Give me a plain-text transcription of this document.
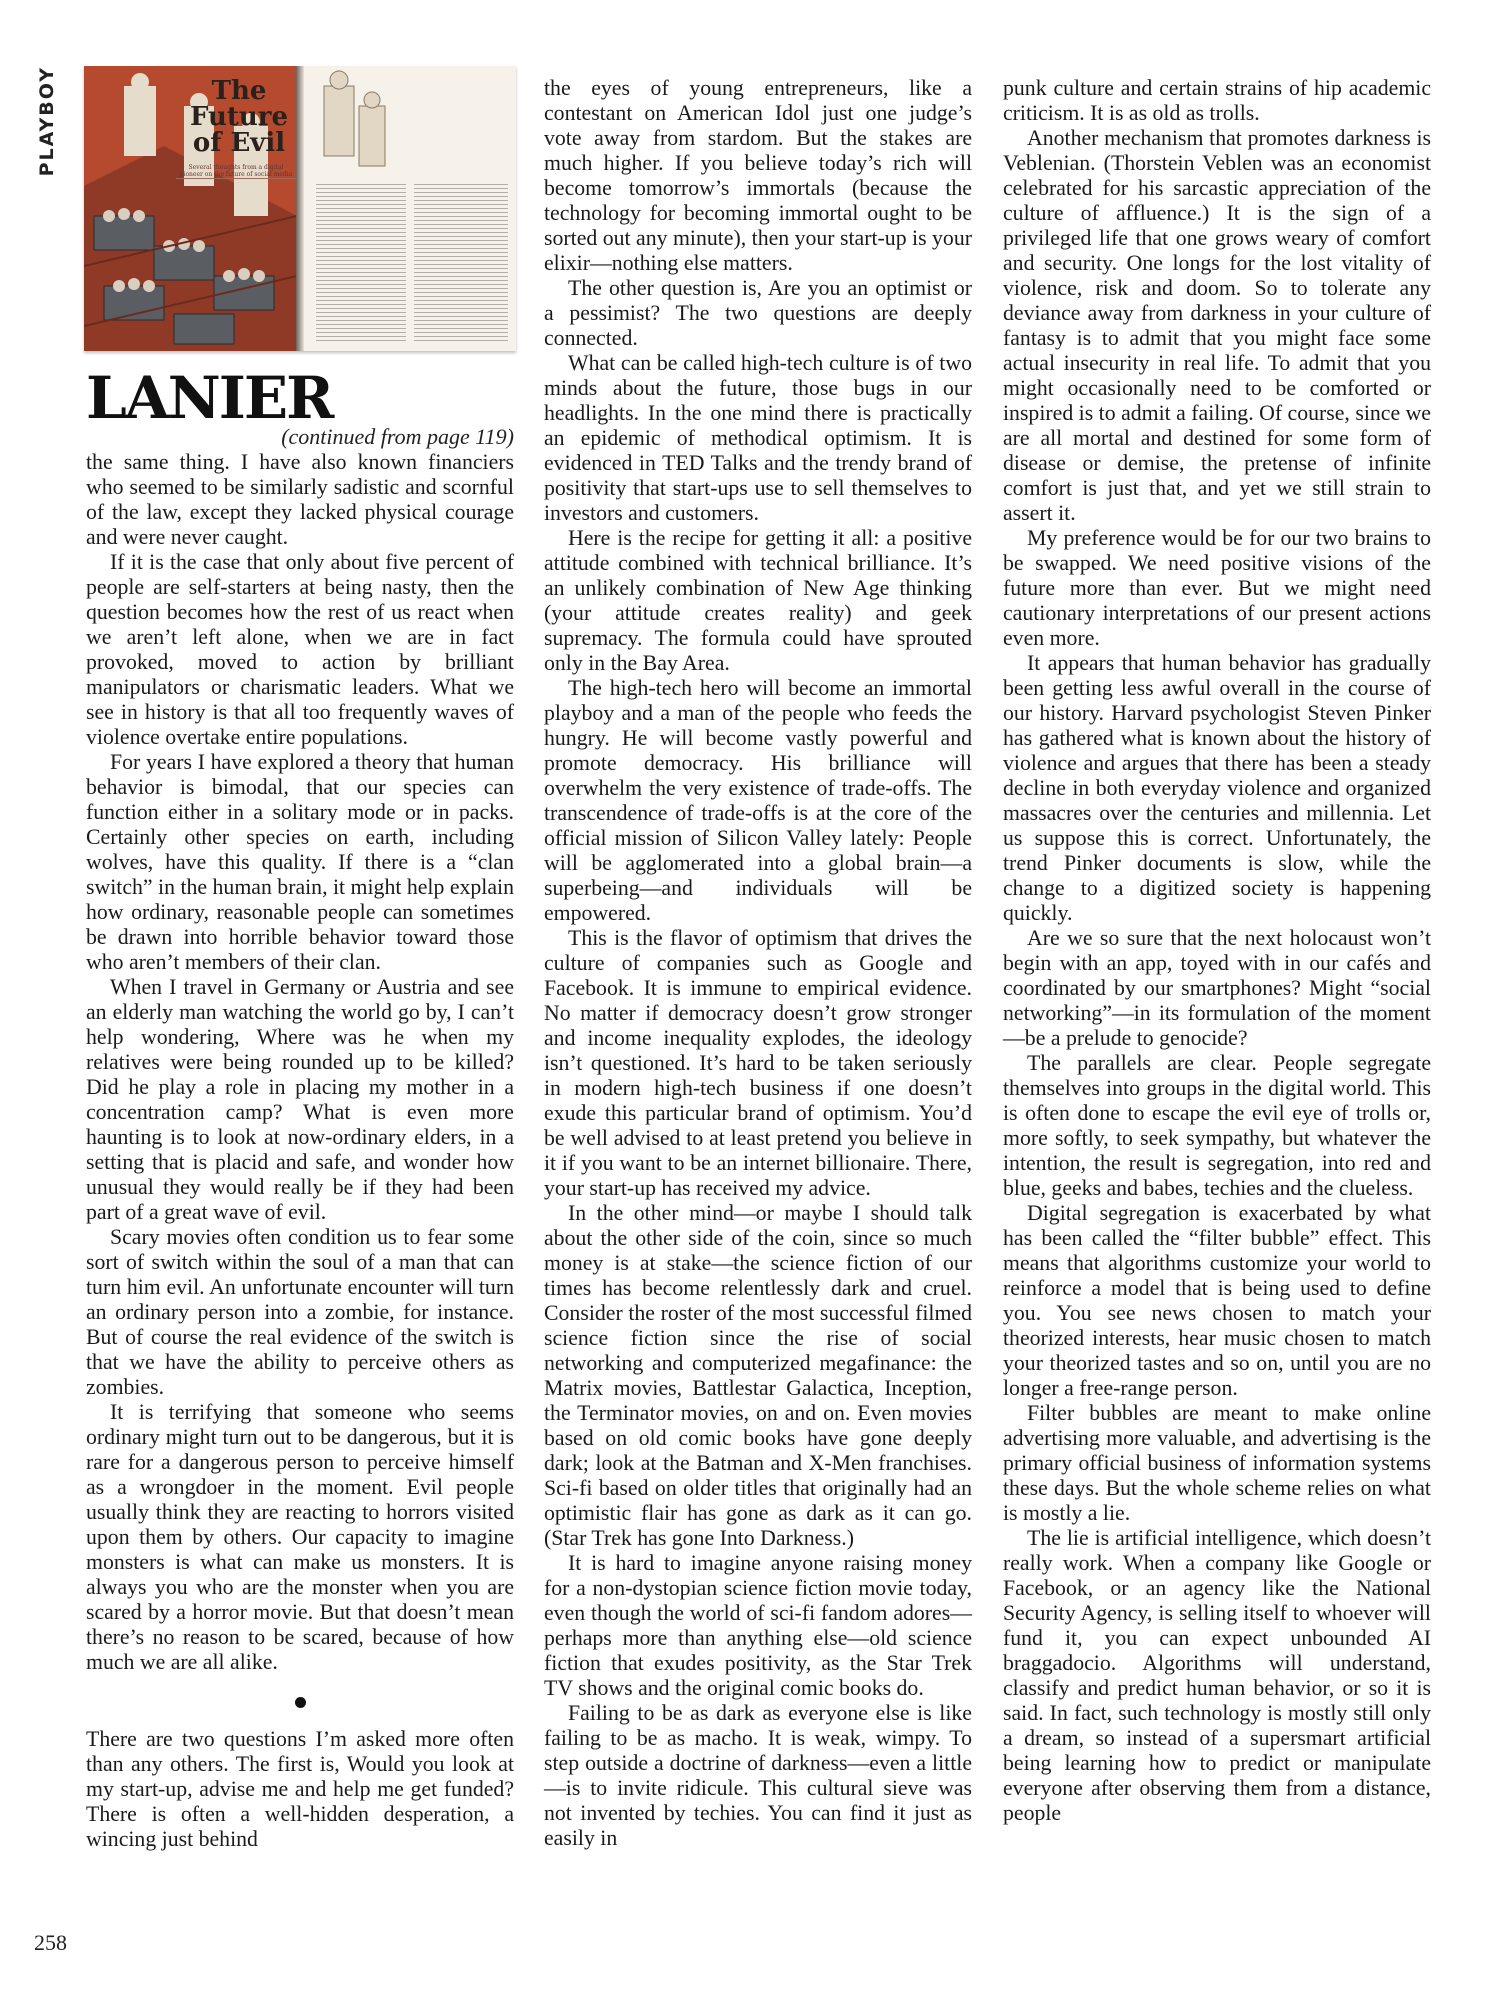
PLAYBOY	The Future of Evil
Several thoughts from a digital pioneer on the future of social media
LANIER
(continued from page 119)

the same thing. I have also known financiers who seemed to be similarly sadistic and scornful of the law, except they lacked physical courage and were never caught.

If it is the case that only about five percent of people are self-starters at being nasty, then the question becomes how the rest of us react when we aren’t left alone, when we are in fact provoked, moved to action by brilliant manipulators or charismatic leaders. What we see in history is that all too frequently waves of violence overtake entire populations.

For years I have explored a theory that human behavior is bimodal, that our species can function either in a solitary mode or in packs. Certainly other species on earth, including wolves, have this quality. If there is a “clan switch” in the human brain, it might help explain how ordinary, reasonable people can sometimes be drawn into horrible behavior toward those who aren’t members of their clan.

When I travel in Germany or Austria and see an elderly man watching the world go by, I can’t help wondering, Where was he when my relatives were being rounded up to be killed? Did he play a role in placing my mother in a concentration camp? What is even more haunting is to look at now-ordinary elders, in a setting that is placid and safe, and wonder how unusual they would really be if they had been part of a great wave of evil.

Scary movies often condition us to fear some sort of switch within the soul of a man that can turn him evil. An unfortunate encounter will turn an ordinary person into a zombie, for instance. But of course the real evidence of the switch is that we have the ability to perceive others as zombies.

It is terrifying that someone who seems ordinary might turn out to be dangerous, but it is rare for a dangerous person to perceive himself as a wrongdoer in the moment. Evil people usually think they are reacting to horrors visited upon them by others. Our capacity to imagine monsters is what can make us monsters. It is always you who are the monster when you are scared by a horror movie. But that doesn’t mean there’s no reason to be scared, because of how much we are all alike.

There are two questions I’m asked more often than any others. The first is, Would you look at my start-up, advise me and help me get funded? There is often a well-hidden desperation, a wincing just behind

the eyes of young entrepreneurs, like a contestant on American Idol just one judge’s vote away from stardom. But the stakes are much higher. If you believe today’s rich will become tomorrow’s immortals (because the technology for becoming immortal ought to be sorted out any minute), then your start-up is your elixir—nothing else matters.

The other question is, Are you an optimist or a pessimist? The two questions are deeply connected.

What can be called high-tech culture is of two minds about the future, those bugs in our headlights. In the one mind there is practically an epidemic of methodical optimism. It is evidenced in TED Talks and the trendy brand of positivity that start-ups use to sell themselves to investors and customers.

Here is the recipe for getting it all: a positive attitude combined with technical brilliance. It’s an unlikely combination of New Age thinking (your attitude creates reality) and geek supremacy. The formula could have sprouted only in the Bay Area.

The high-tech hero will become an immortal playboy and a man of the people who feeds the hungry. He will become vastly powerful and promote democracy. His brilliance will overwhelm the very existence of trade-offs. The transcendence of trade-offs is at the core of the official mission of Silicon Valley lately: People will be agglomerated into a global brain—a superbeing—and individuals will be empowered.

This is the flavor of optimism that drives the culture of companies such as Google and Facebook. It is immune to empirical evidence. No matter if democracy doesn’t grow stronger and income inequality explodes, the ideology isn’t questioned. It’s hard to be taken seriously in modern high-tech business if one doesn’t exude this particular brand of optimism. You’d be well advised to at least pretend you believe in it if you want to be an internet billionaire. There, your start-up has received my advice.

In the other mind—or maybe I should talk about the other side of the coin, since so much money is at stake—the science fiction of our times has become relentlessly dark and cruel. Consider the roster of the most successful filmed science fiction since the rise of social networking and computerized megafinance: the Matrix movies, Battlestar Galactica, Inception, the Terminator movies, on and on. Even movies based on old comic books have gone deeply dark; look at the Batman and X-Men franchises. Sci-fi based on older titles that originally had an optimistic flair has gone as dark as it can go. (Star Trek has gone Into Darkness.)

It is hard to imagine anyone raising money for a non-dystopian science fiction movie today, even though the world of sci-fi fandom adores—perhaps more than anything else—old science fiction that exudes positivity, as the Star Trek TV shows and the original comic books do.

Failing to be as dark as everyone else is like failing to be as macho. It is weak, wimpy. To step outside a doctrine of darkness—even a little—is to invite ridicule. This cultural sieve was not invented by techies. You can find it just as easily in

punk culture and certain strains of hip academic criticism. It is as old as trolls.

Another mechanism that promotes darkness is Veblenian. (Thorstein Veblen was an economist celebrated for his sarcastic appreciation of the culture of affluence.) It is the sign of a privileged life that one grows weary of comfort and security. One longs for the lost vitality of violence, risk and doom. So to tolerate any deviance away from darkness in your culture of fantasy is to admit that you might face some actual insecurity in real life. To admit that you might occasionally need to be comforted or inspired is to admit a failing. Of course, since we are all mortal and destined for some form of disease or demise, the pretense of infinite comfort is just that, and yet we still strain to assert it.

My preference would be for our two brains to be swapped. We need positive visions of the future more than ever. But we might need cautionary interpretations of our present actions even more.

It appears that human behavior has gradually been getting less awful overall in the course of our history. Harvard psychologist Steven Pinker has gathered what is known about the history of violence and argues that there has been a steady decline in both everyday violence and organized massacres over the centuries and millennia. Let us suppose this is correct. Unfortunately, the trend Pinker documents is slow, while the change to a digitized society is happening quickly.

Are we so sure that the next holocaust won’t begin with an app, toyed with in our cafés and coordinated by our smartphones? Might “social networking”—in its formulation of the moment—be a prelude to genocide?

The parallels are clear. People segregate themselves into groups in the digital world. This is often done to escape the evil eye of trolls or, more softly, to seek sympathy, but whatever the intention, the result is segregation, into red and blue, geeks and babes, techies and the clueless.

Digital segregation is exacerbated by what has been called the “filter bubble” effect. This means that algorithms customize your world to reinforce a model that is being used to define you. You see news chosen to match your theorized interests, hear music chosen to match your theorized tastes and so on, until you are no longer a free-range person.

Filter bubbles are meant to make online advertising more valuable, and advertising is the primary official business of information systems these days. But the whole scheme relies on what is mostly a lie.

The lie is artificial intelligence, which doesn’t really work. When a company like Google or Facebook, or an agency like the National Security Agency, is selling itself to whoever will fund it, you can expect unbounded AI braggadocio. Algorithms will understand, classify and predict human behavior, or so it is said. In fact, such technology is mostly still only a dream, so instead of a supersmart artificial being learning how to predict or manipulate everyone after observing them from a distance, people

258
